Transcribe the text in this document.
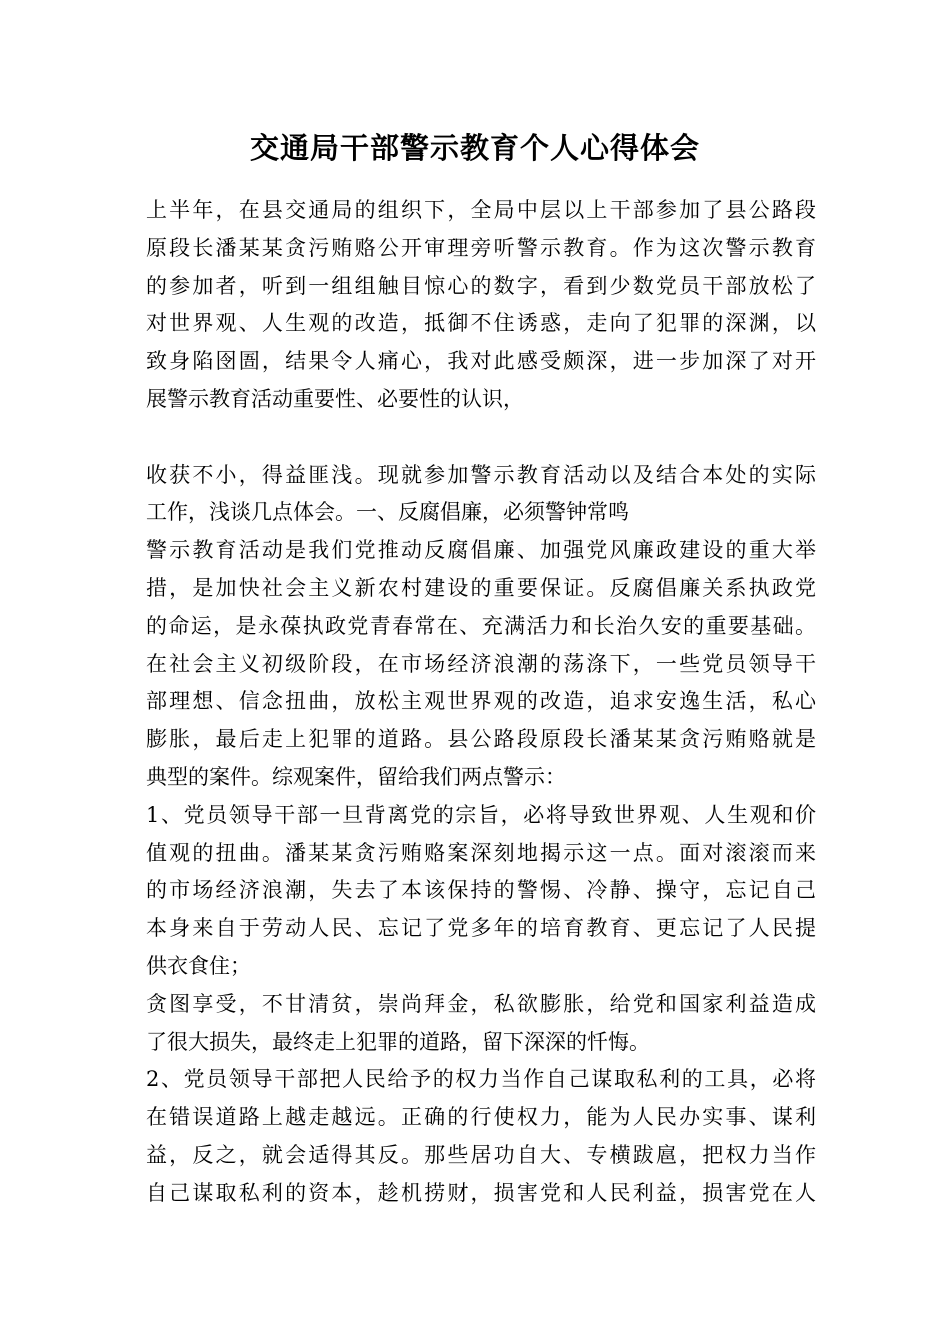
交通局干部警示教育个人心得体会
上半年，在县交通局的组织下，全局中层以上干部参加了县公路段
原段长潘某某贪污贿赂公开审理旁听警示教育。作为这次警示教育
的参加者，听到一组组触目惊心的数字，看到少数党员干部放松了
对世界观、人生观的改造，抵御不住诱惑，走向了犯罪的深渊，以
致身陷囹圄，结果令人痛心，我对此感受颇深，进一步加深了对开
展警示教育活动重要性、必要性的认识，
收获不小，得益匪浅。现就参加警示教育活动以及结合本处的实际
工作，浅谈几点体会。一、反腐倡廉，必须警钟常鸣
警示教育活动是我们党推动反腐倡廉、加强党风廉政建设的重大举
措，是加快社会主义新农村建设的重要保证。反腐倡廉关系执政党
的命运，是永葆执政党青春常在、充满活力和长治久安的重要基础。
在社会主义初级阶段，在市场经济浪潮的荡涤下，一些党员领导干
部理想、信念扭曲，放松主观世界观的改造，追求安逸生活，私心
膨胀，最后走上犯罪的道路。县公路段原段长潘某某贪污贿赂就是
典型的案件。综观案件，留给我们两点警示：
1、党员领导干部一旦背离党的宗旨，必将导致世界观、人生观和价
值观的扭曲。潘某某贪污贿赂案深刻地揭示这一点。面对滚滚而来
的市场经济浪潮，失去了本该保持的警惕、冷静、操守，忘记自己
本身来自于劳动人民、忘记了党多年的培育教育、更忘记了人民提
供衣食住；
贪图享受，不甘清贫，崇尚拜金，私欲膨胀，给党和国家利益造成
了很大损失，最终走上犯罪的道路，留下深深的忏悔。
2、党员领导干部把人民给予的权力当作自己谋取私利的工具，必将
在错误道路上越走越远。正确的行使权力，能为人民办实事、谋利
益，反之，就会适得其反。那些居功自大、专横跋扈，把权力当作
自己谋取私利的资本，趁机捞财，损害党和人民利益，损害党在人
